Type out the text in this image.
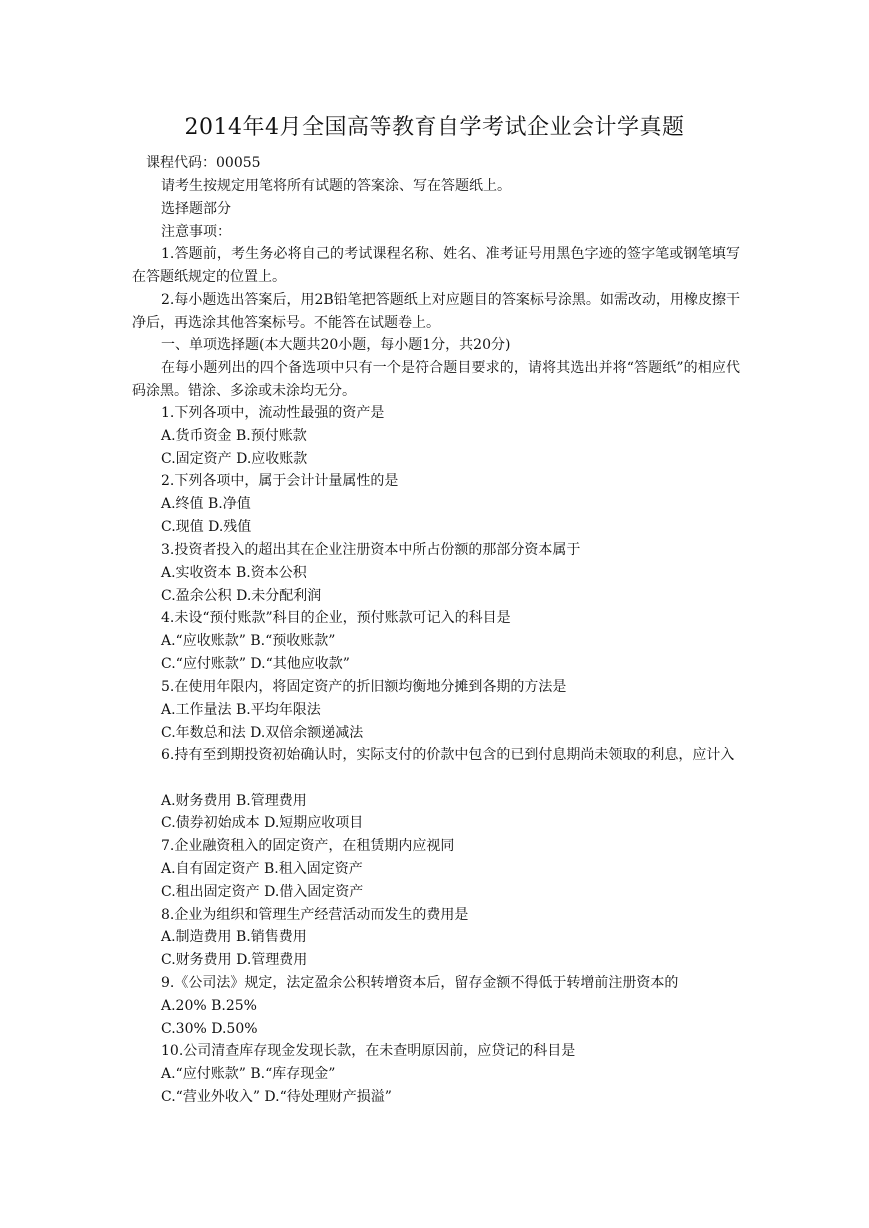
2014年4月全国高等教育自学考试企业会计学真题
课程代码：00055
请考生按规定用笔将所有试题的答案涂、写在答题纸上。
选择题部分
注意事项：
1.答题前，考生务必将自己的考试课程名称、姓名、准考证号用黑色字迹的签字笔或钢笔填写在答题纸规定的位置上。
2.每小题选出答案后，用2B铅笔把答题纸上对应题目的答案标号涂黑。如需改动，用橡皮擦干净后，再选涂其他答案标号。不能答在试题卷上。
一、单项选择题(本大题共20小题，每小题1分，共20分)
在每小题列出的四个备选项中只有一个是符合题目要求的，请将其选出并将“答题纸”的相应代码涂黑。错涂、多涂或未涂均无分。
1.下列各项中，流动性最强的资产是
A.货币资金 B.预付账款
C.固定资产 D.应收账款
2.下列各项中，属于会计计量属性的是
A.终值 B.净值
C.现值 D.残值
3.投资者投入的超出其在企业注册资本中所占份额的那部分资本属于
A.实收资本 B.资本公积
C.盈余公积 D.未分配利润
4.未设“预付账款”科目的企业，预付账款可记入的科目是
A.“应收账款” B.“预收账款”
C.“应付账款” D.“其他应收款”
5.在使用年限内，将固定资产的折旧额均衡地分摊到各期的方法是
A.工作量法 B.平均年限法
C.年数总和法 D.双倍余额递减法
6.持有至到期投资初始确认时，实际支付的价款中包含的已到付息期尚未领取的利息，应计入
A.财务费用 B.管理费用
C.债券初始成本 D.短期应收项目
7.企业融资租入的固定资产，在租赁期内应视同
A.自有固定资产 B.租入固定资产
C.租出固定资产 D.借入固定资产
8.企业为组织和管理生产经营活动而发生的费用是
A.制造费用 B.销售费用
C.财务费用 D.管理费用
9.《公司法》规定，法定盈余公积转增资本后，留存金额不得低于转增前注册资本的
A.20% B.25%
C.30% D.50%
10.公司清查库存现金发现长款，在未查明原因前，应贷记的科目是
A.“应付账款” B.“库存现金”
C.“营业外收入” D.“待处理财产损溢”
